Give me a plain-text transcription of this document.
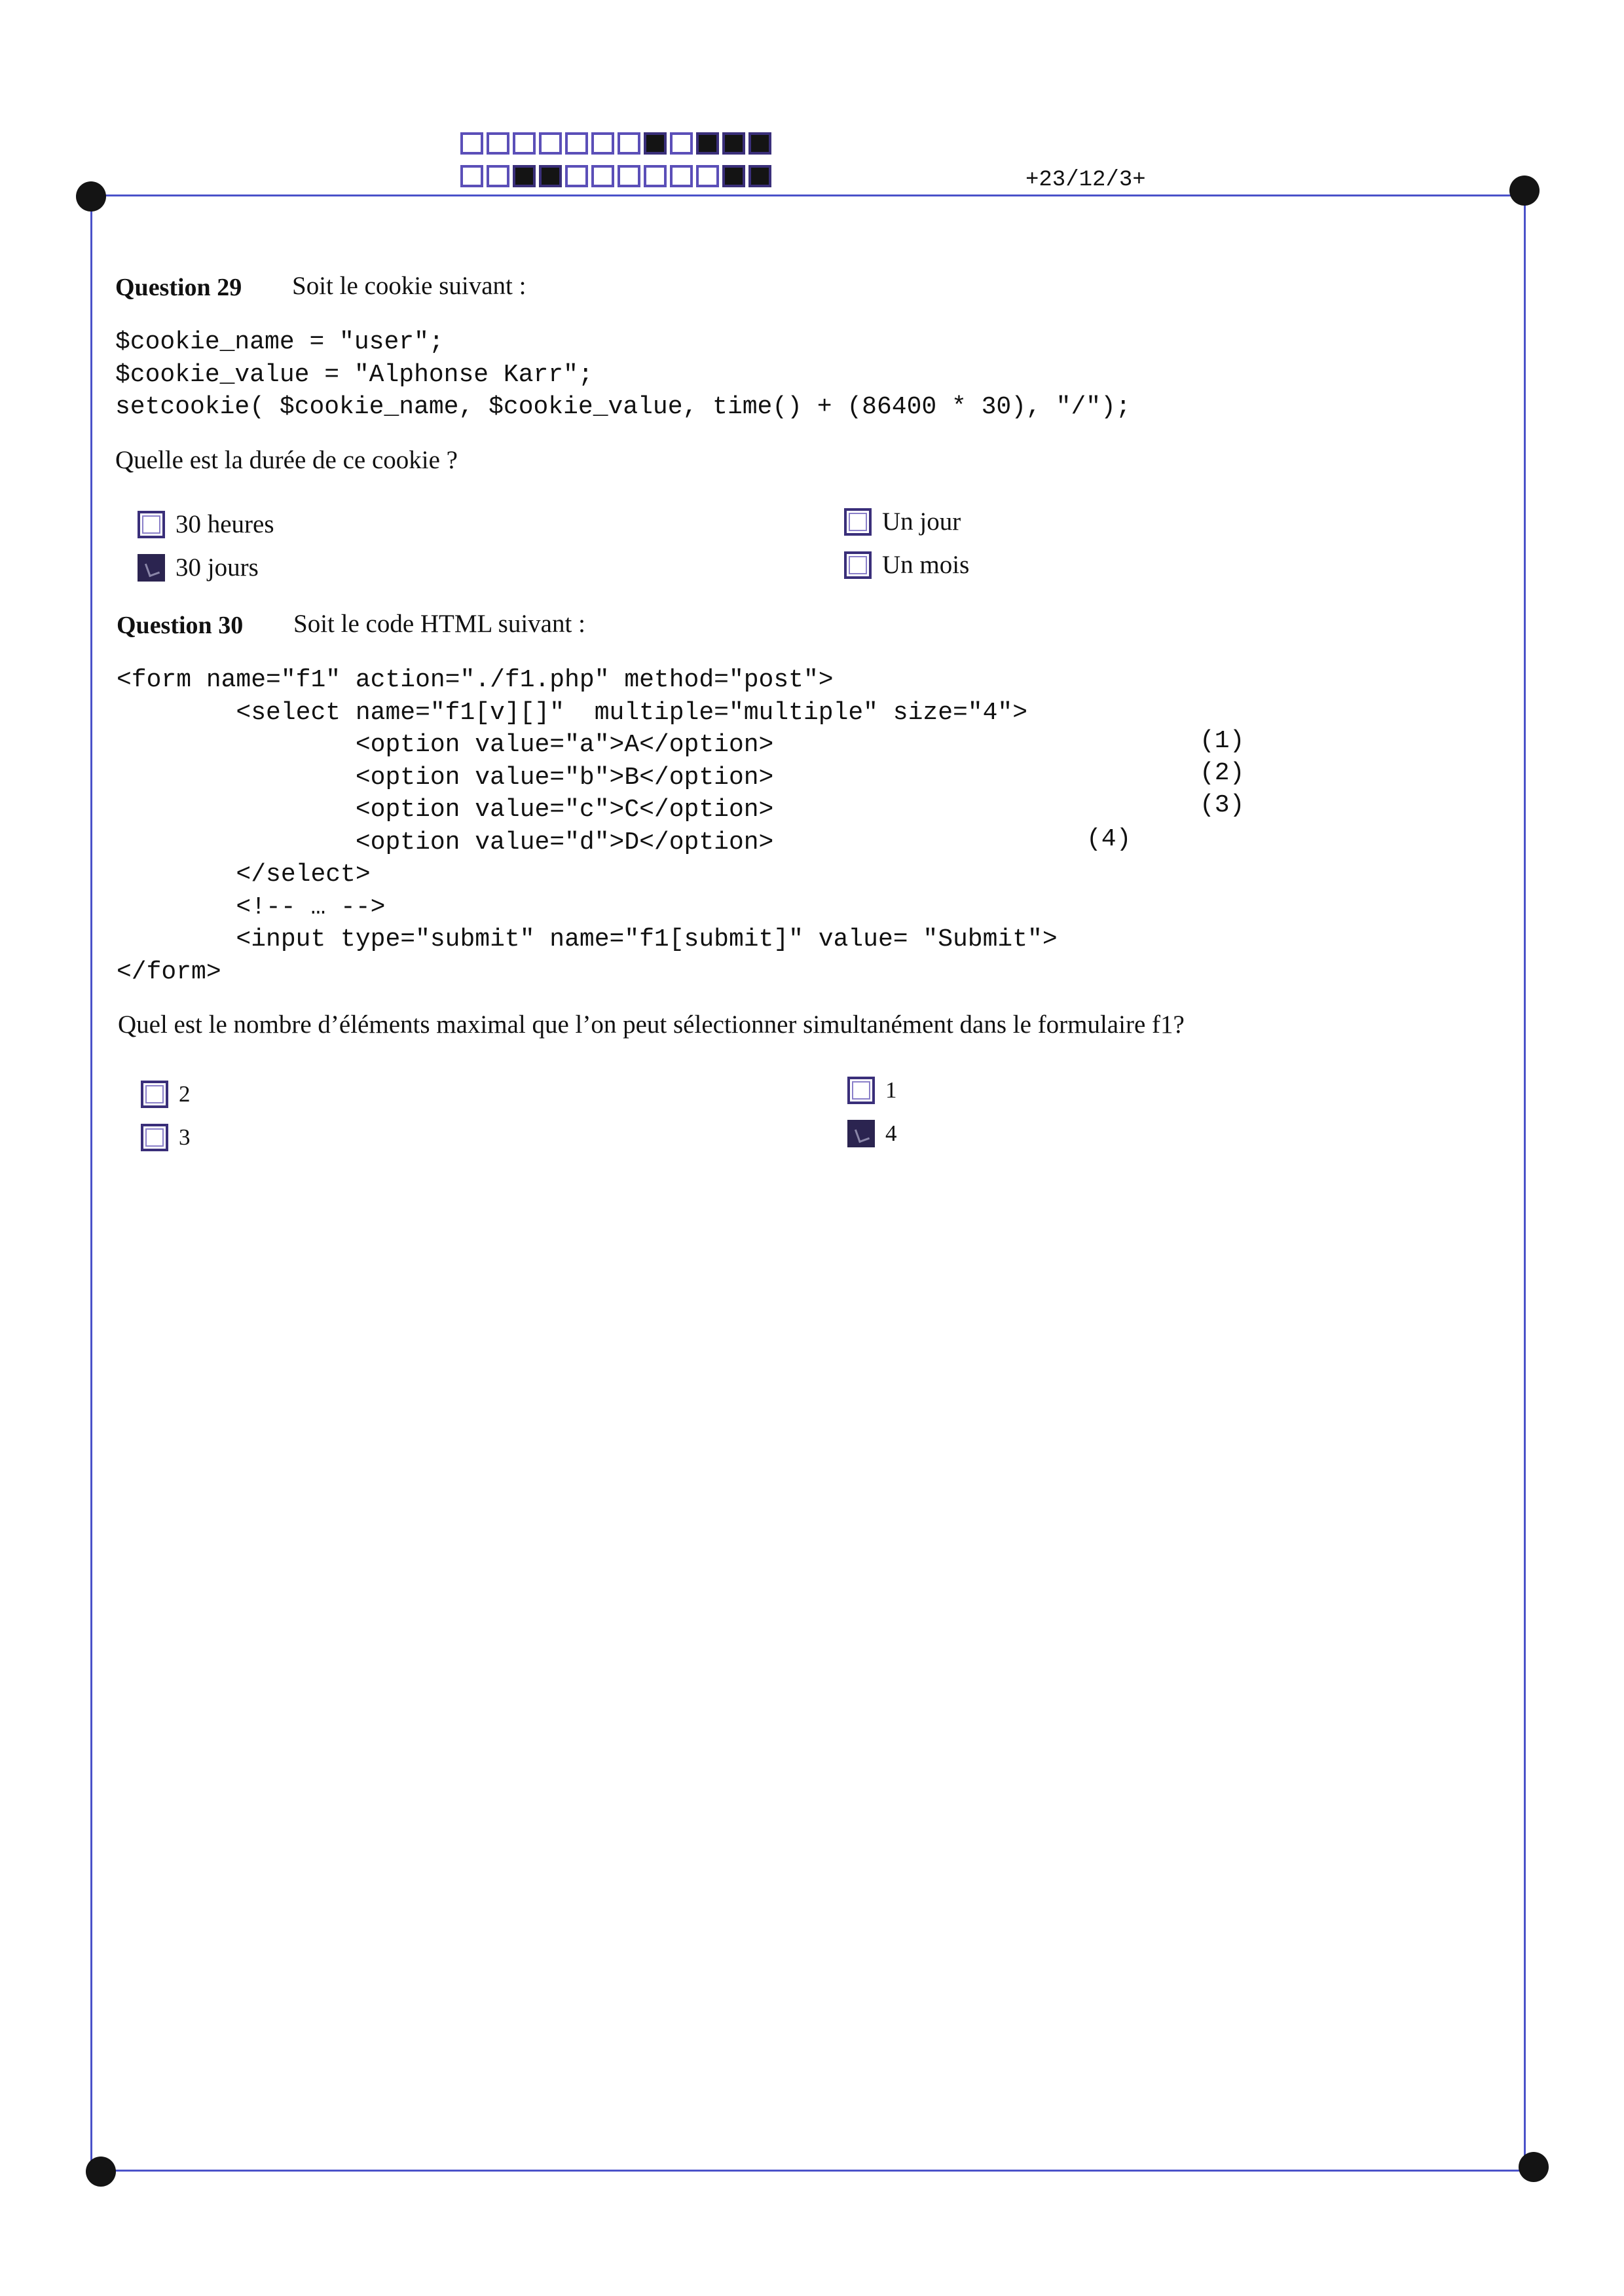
+23/12/3+
Question 29 Soit le cookie suivant :
$cookie_name = "user";
$cookie_value = "Alphonse Karr";
setcookie( $cookie_name, $cookie_value, time() + (86400 * 30), "/");
Quelle est la durée de ce cookie ?
30 heures
30 jours
Un jour
Un mois
Question 30 Soit le code HTML suivant :
<form name="f1" action="./f1.php" method="post">
<select name="f1[v][]"  multiple="multiple" size="4">
<option value="a">A</option>
<option value="b">B</option>
<option value="c">C</option>
<option value="d">D</option>
</select>
<!-- … -->
<input type="submit" name="f1[submit]" value= "Submit">
</form>
(1)
(2)
(3)
(4)
Quel est le nombre d’éléments maximal que l’on peut sélectionner simultanément dans le formulaire f1?
2
3
1
4
